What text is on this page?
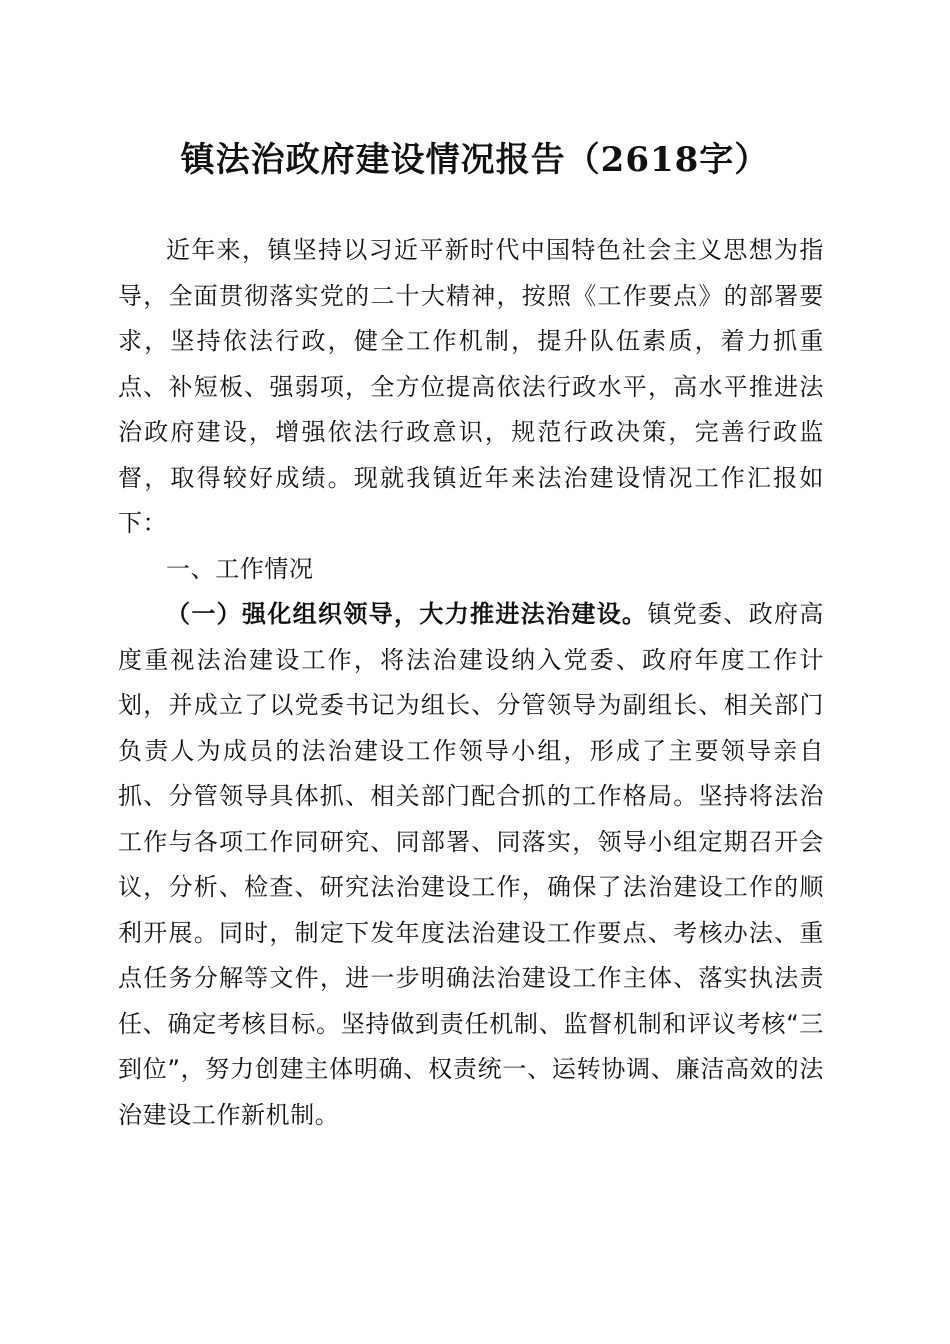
镇法治政府建设情况报告（2618字）

近年来，镇坚持以习近平新时代中国特色社会主义思想为指导，全面贯彻落实党的二十大精神，按照《工作要点》的部署要求，坚持依法行政，健全工作机制，提升队伍素质，着力抓重点、补短板、强弱项，全方位提高依法行政水平，高水平推进法治政府建设，增强依法行政意识，规范行政决策，完善行政监督，取得较好成绩。现就我镇近年来法治建设情况工作汇报如下：

一、工作情况

（一）强化组织领导，大力推进法治建设。镇党委、政府高度重视法治建设工作，将法治建设纳入党委、政府年度工作计划，并成立了以党委书记为组长、分管领导为副组长、相关部门负责人为成员的法治建设工作领导小组，形成了主要领导亲自抓、分管领导具体抓、相关部门配合抓的工作格局。坚持将法治工作与各项工作同研究、同部署、同落实，领导小组定期召开会议，分析、检查、研究法治建设工作，确保了法治建设工作的顺利开展。同时，制定下发年度法治建设工作要点、考核办法、重点任务分解等文件，进一步明确法治建设工作主体、落实执法责任、确定考核目标。坚持做到责任机制、监督机制和评议考核“三到位”，努力创建主体明确、权责统一、运转协调、廉洁高效的法治建设工作新机制。
